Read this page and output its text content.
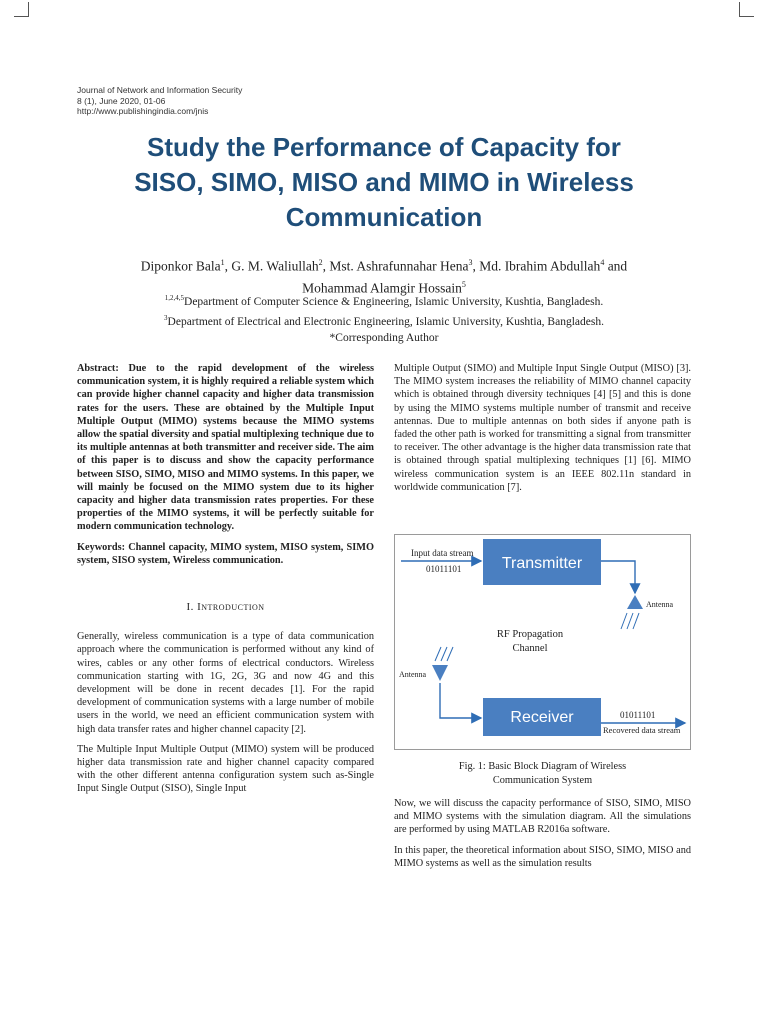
Journal of Network and Information Security
8 (1), June 2020, 01-06
http://www.publishingindia.com/jnis
Study the Performance of Capacity for
SISO, SIMO, MISO and MIMO in Wireless
Communication
Diponkor Bala$^1$, G. M. Waliullah$^2$, Mst. Ashrafunnahar Hena$^3$, Md. Ibrahim Abdullah$^4$ and
Mohammad Alamgir Hossain$^5$
$^{1,2,4,5}$Department of Computer Science & Engineering, Islamic University, Kushtia, Bangladesh.
$^3$Department of Electrical and Electronic Engineering, Islamic University, Kushtia, Bangladesh.
*Corresponding Author

Abstract: Due to the rapid development of the wireless communication system, it is highly required a reliable system which can provide higher channel capacity and higher data transmission rates for the users. These are obtained by the Multiple Input Multiple Output (MIMO) systems because the MIMO systems allow the spatial diversity and spatial multiplexing technique due to its multiple antennas at both transmitter and receiver side. The aim of this paper is to discuss and show the capacity performance between SISO, SIMO, MISO and MIMO systems. In this paper, we will mainly be focused on the MIMO system due to its higher capacity and higher data transmission rates properties. For these properties of the MIMO systems, it will be perfectly suitable for modern communication technology.

Keywords: Channel capacity, MIMO system, MISO system, SIMO system, SISO system, Wireless communication.

I. Introduction

Generally, wireless communication is a type of data communication approach where the communication is performed without any kind of wires, cables or any other forms of electrical conductors. Wireless communication starting with 1G, 2G, 3G and now 4G and this development will be done in recent decades [1]. For the rapid development of communication systems with a large number of mobile users in the world, we need an efficient communication system with high data transfer rates and higher channel capacity [2].

The Multiple Input Multiple Output (MIMO) system will be produced higher data transmission rate and higher channel capacity compared with the other different antenna configuration system such as-Single Input Single Output (SISO), Single Input

Multiple Output (SIMO) and Multiple Input Single Output (MISO) [3]. The MIMO system increases the reliability of MIMO channel capacity which is obtained through diversity techniques [4] [5] and this is done by using the MIMO systems multiple number of transmit and receive antennas. Due to multiple antennas on both sides if anyone path is faded the other path is worked for transmitting a signal from transmitter to receiver. The other advantage is the higher data transmission rate that is obtained through spatial multiplexing techniques [1] [6]. MIMO wireless communication system is an IEEE 802.11n standard in worldwide communication [7].

Transmitter
Receiver
Input data stream
01011101
Antenna
RF Propagation
Channel
Antenna
01011101
Recovered data stream
Fig. 1: Basic Block Diagram of Wireless
Communication System

Now, we will discuss the capacity performance of SISO, SIMO, MISO and MIMO systems with the simulation diagram. All the simulations are performed by using MATLAB R2016a software.

In this paper, the theoretical information about SISO, SIMO, MISO and MIMO systems as well as the simulation results
